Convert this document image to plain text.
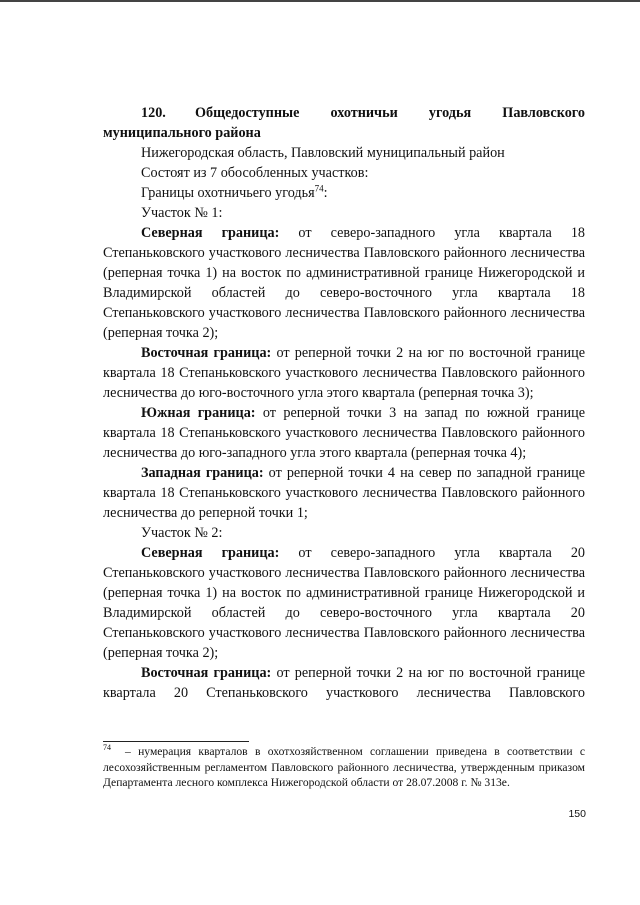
120. Общедоступные охотничьи угодья Павловского муниципального района

Нижегородская область, Павловский муниципальный район

Состоят из 7 обособленных участков:

Границы охотничьего угодья$^{74}$:

Участок № 1:

Северная граница: от северо-западного угла квартала 18 Степаньковского участкового лесничества Павловского районного лесничества (реперная точка 1) на восток по административной границе Нижегородской и Владимирской областей до северо-восточного угла квартала 18 Степаньковского участкового лесничества Павловского районного лесничества (реперная точка 2);

Восточная граница: от реперной точки 2 на юг по восточной границе квартала 18 Степаньковского участкового лесничества Павловского районного лесничества до юго-восточного угла этого квартала (реперная точка 3);

Южная граница: от реперной точки 3 на запад по южной границе квартала 18 Степаньковского участкового лесничества Павловского районного лесничества до юго-западного угла этого квартала (реперная точка 4);

Западная граница: от реперной точки 4 на север по западной границе квартала 18 Степаньковского участкового лесничества Павловского районного лесничества до реперной точки 1;

Участок № 2:

Северная граница: от северо-западного угла квартала 20 Степаньковского участкового лесничества Павловского районного лесничества (реперная точка 1) на восток по административной границе Нижегородской и Владимирской областей до северо-восточного угла квартала 20 Степаньковского участкового лесничества Павловского районного лесничества (реперная точка 2);

Восточная граница: от реперной точки 2 на юг по восточной границе квартала 20 Степаньковского участкового лесничества Павловского

$^{74}$ – нумерация кварталов в охотхозяйственном соглашении приведена в соответствии с лесохозяйственным регламентом Павловского районного лесничества, утвержденным приказом Департамента лесного комплекса Нижегородской области от 28.07.2008 г. № 313е.
150
